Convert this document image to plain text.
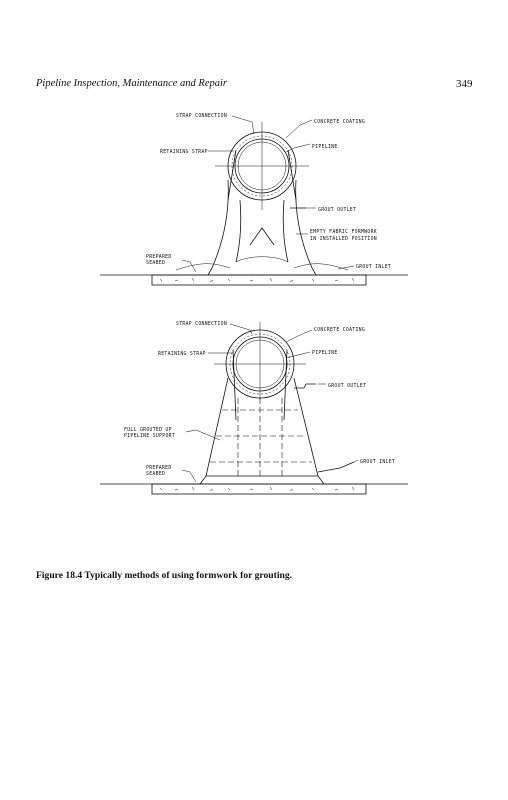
Pipeline Inspection, Maintenance and Repair	349
STRAP CONNECTION
CONCRETE COATING
RETAINING STRAP
PIPELINE
GROUT OUTLET
EMPTY FABRIC FORMWORK
IN INSTALLED POSITION
PREPARED
SEABED
GROUT INLET
STRAP CONNECTION
CONCRETE COATING
RETAINING STRAP	PIPELINE
GROUT OUTLET
FULL GROUTED UP
PIPELINE SUPPORT
PREPARED
SEABED
GROUT INLET
Figure 18.4 Typically methods of using formwork for grouting.
